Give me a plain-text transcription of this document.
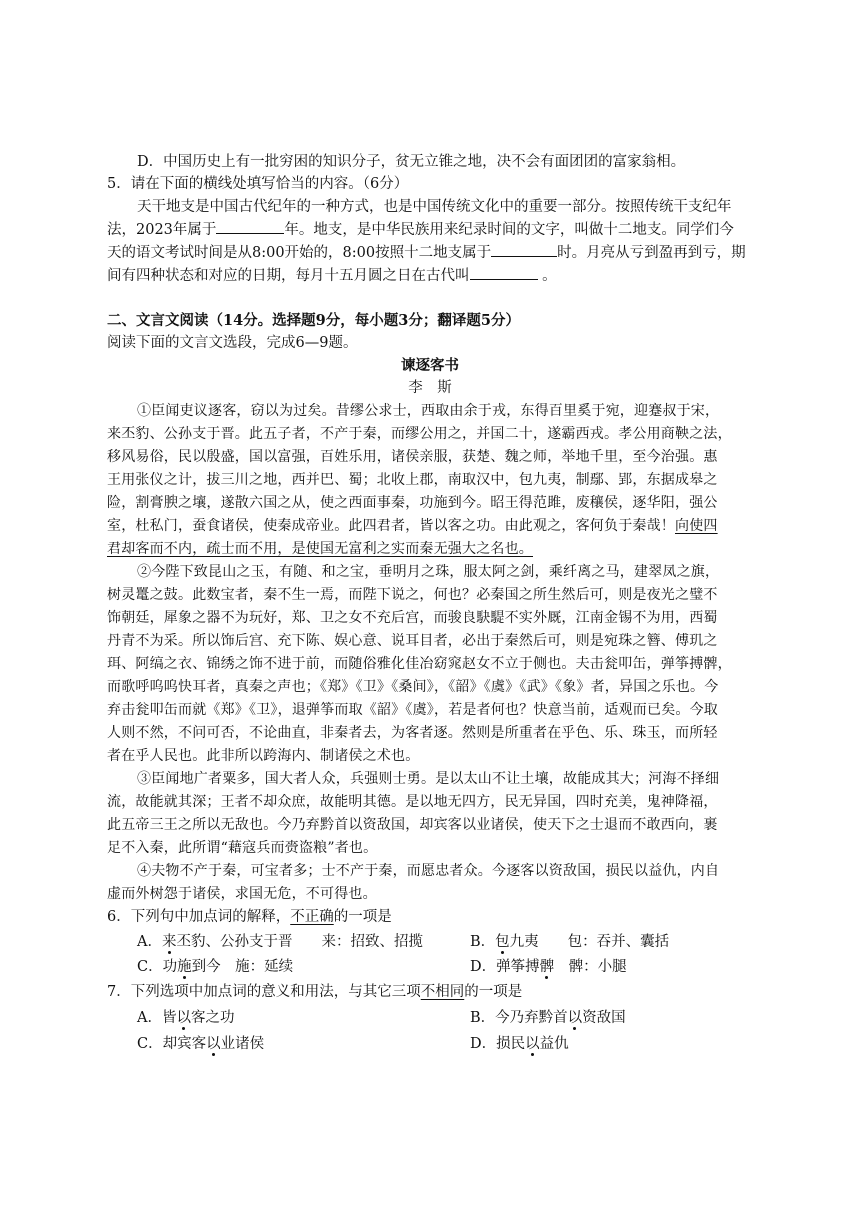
D．中国历史上有一批穷困的知识分子，贫无立锥之地，决不会有面团团的富家翁相。
5．请在下面的横线处填写恰当的内容。（6分）
天干地支是中国古代纪年的一种方式，也是中国传统文化中的重要一部分。按照传统干支纪年
法，2023年属于	年。地支，是中华民族用来纪录时间的文字，叫做十二地支。同学们今
天的语文考试时间是从8:00开始的，8:00按照十二地支属于	时。月亮从亏到盈再到亏，期
间有四种状态和对应的日期，每月十五月圆之日在古代叫	。
二、文言文阅读（14分。选择题9分，每小题3分；翻译题5分）
阅读下面的文言文选段，完成6—9题。
谏逐客书
李　斯
①臣闻吏议逐客，窃以为过矣。昔缪公求士，西取由余于戎，东得百里奚于宛，迎蹇叔于宋，
来丕豹、公孙支于晋。此五子者，不产于秦，而缪公用之，并国二十，遂霸西戎。孝公用商鞅之法，
移风易俗，民以殷盛，国以富强，百姓乐用，诸侯亲服，获楚、魏之师，举地千里，至今治强。惠
王用张仪之计，拔三川之地，西并巴、蜀；北收上郡，南取汉中，包九夷，制鄢、郢，东据成皋之
险，割膏腴之壤，遂散六国之从，使之西面事秦，功施到今。昭王得范雎，废穰侯，逐华阳，强公
室，杜私门，蚕食诸侯，使秦成帝业。此四君者，皆以客之功。由此观之，客何负于秦哉！向使四
君却客而不内，疏士而不用，是使国无富利之实而秦无强大之名也。
②今陛下致昆山之玉，有随、和之宝，垂明月之珠，服太阿之剑，乘纤离之马，建翠凤之旗，
树灵鼍之鼓。此数宝者，秦不生一焉，而陛下说之，何也？必秦国之所生然后可，则是夜光之璧不
饰朝廷，犀象之器不为玩好，郑、卫之女不充后宫，而骏良駃騠不实外厩，江南金锡不为用，西蜀
丹青不为采。所以饰后宫、充下陈、娱心意、说耳目者，必出于秦然后可，则是宛珠之簪、傅玑之
珥、阿缟之衣、锦绣之饰不进于前，而随俗雅化佳冶窈窕赵女不立于侧也。夫击瓮叩缶，弹筝搏髀，
而歌呼呜呜快耳者，真秦之声也；《郑》《卫》《桑间》，《韶》《虞》《武》《象》者，异国之乐也。今
弃击瓮叩缶而就《郑》《卫》，退弹筝而取《韶》《虞》，若是者何也？快意当前，适观而已矣。今取
人则不然，不问可否，不论曲直，非秦者去，为客者逐。然则是所重者在乎色、乐、珠玉，而所轻
者在乎人民也。此非所以跨海内、制诸侯之术也。
③臣闻地广者粟多，国大者人众，兵强则士勇。是以太山不让土壤，故能成其大；河海不择细
流，故能就其深；王者不却众庶，故能明其德。是以地无四方，民无异国，四时充美，鬼神降福，
此五帝三王之所以无敌也。今乃弃黔首以资敌国，却宾客以业诸侯，使天下之士退而不敢西向，裹
足不入秦，此所谓“藉寇兵而赍盗粮”者也。
④夫物不产于秦，可宝者多；士不产于秦，而愿忠者众。今逐客以资敌国，损民以益仇，内自
虚而外树怨于诸侯，求国无危，不可得也。
6．下列句中加点词的解释，不正确的一项是
A．来丕豹、公孙支于晋　　来：招致、招揽	B．包九夷　　包：吞并、囊括
C．功施到今　施：延续	D．弹筝搏髀　髀：小腿
7．下列选项中加点词的意义和用法，与其它三项不相同的一项是
A．皆以客之功	B．今乃弃黔首以资敌国
C．却宾客以业诸侯	D．损民以益仇
